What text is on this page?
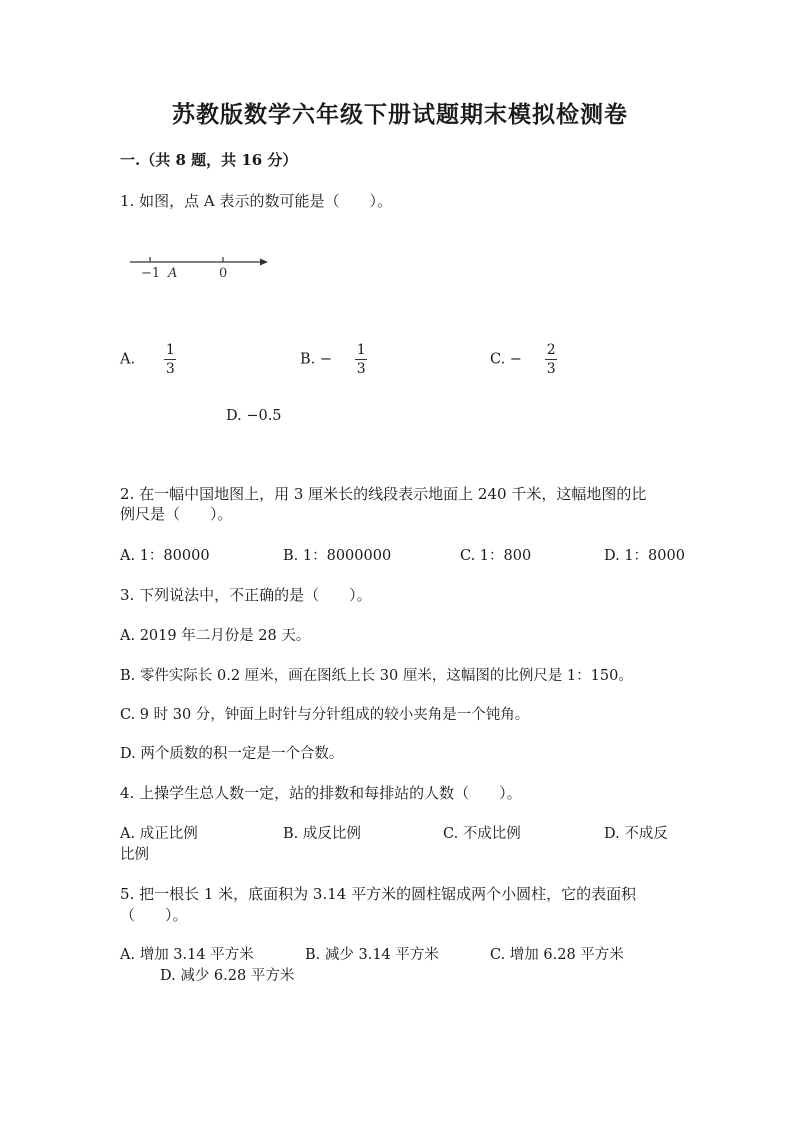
苏教版数学六年级下册试题期末模拟检测卷
一.（共 8 题，共 16 分）
1. 如图，点 A 表示的数可能是（　　）。
−1 A	0
A. $\frac{1}{3}$	B. − $\frac{1}{3}$	C. − $\frac{2}{3}$
D. −0.5
2. 在一幅中国地图上，用 3 厘米长的线段表示地面上 240 千米，这幅地图的比
例尺是（　　）。
A. 1：80000	B. 1：8000000	C. 1：800	D. 1：8000
3. 下列说法中，不正确的是（　　）。
A. 2019 年二月份是 28 天。
B. 零件实际长 0.2 厘米，画在图纸上长 30 厘米，这幅图的比例尺是 1：150。
C. 9 时 30 分，钟面上时针与分针组成的较小夹角是一个钝角。
D. 两个质数的积一定是一个合数。
4. 上操学生总人数一定，站的排数和每排站的人数（　　）。
A. 成正比例	B. 成反比例	C. 不成比例	D. 不成反
比例
5. 把一根长 1 米，底面积为 3.14 平方米的圆柱锯成两个小圆柱，它的表面积
（　　）。
A. 增加 3.14 平方米	B. 减少 3.14 平方米	C. 增加 6.28 平方米
D. 减少 6.28 平方米
